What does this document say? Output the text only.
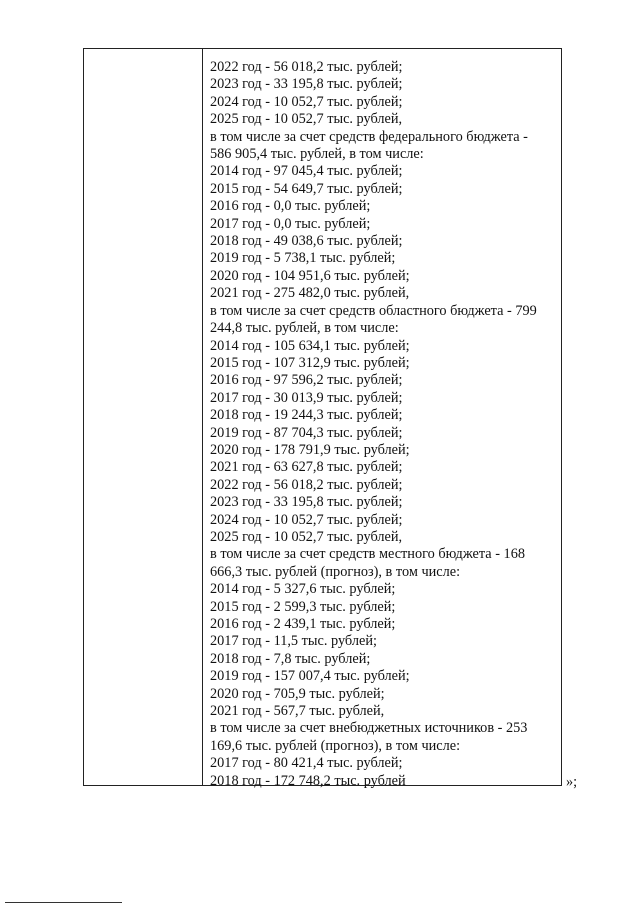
2022 год - 56 018,2 тыс. рублей;
2023 год - 33 195,8 тыс. рублей;
2024 год - 10 052,7 тыс. рублей;
2025 год - 10 052,7 тыс. рублей,
в том числе за счет средств федерального бюджета -
586 905,4 тыс. рублей, в том числе:
2014 год - 97 045,4 тыс. рублей;
2015 год - 54 649,7 тыс. рублей;
2016 год - 0,0 тыс. рублей;
2017 год - 0,0 тыс. рублей;
2018 год - 49 038,6 тыс. рублей;
2019 год - 5 738,1 тыс. рублей;
2020 год - 104 951,6 тыс. рублей;
2021 год - 275 482,0 тыс. рублей,
в том числе за счет средств областного бюджета - 799
244,8 тыс. рублей, в том числе:
2014 год - 105 634,1 тыс. рублей;
2015 год - 107 312,9 тыс. рублей;
2016 год - 97 596,2 тыс. рублей;
2017 год - 30 013,9 тыс. рублей;
2018 год - 19 244,3 тыс. рублей;
2019 год - 87 704,3 тыс. рублей;
2020 год - 178 791,9 тыс. рублей;
2021 год - 63 627,8 тыс. рублей;
2022 год - 56 018,2 тыс. рублей;
2023 год - 33 195,8 тыс. рублей;
2024 год - 10 052,7 тыс. рублей;
2025 год - 10 052,7 тыс. рублей,
в том числе за счет средств местного бюджета - 168
666,3 тыс. рублей (прогноз), в том числе:
2014 год - 5 327,6 тыс. рублей;
2015 год - 2 599,3 тыс. рублей;
2016 год - 2 439,1 тыс. рублей;
2017 год - 11,5 тыс. рублей;
2018 год - 7,8 тыс. рублей;
2019 год - 157 007,4 тыс. рублей;
2020 год - 705,9 тыс. рублей;
2021 год - 567,7 тыс. рублей,
в том числе за счет внебюджетных источников - 253
169,6 тыс. рублей (прогноз), в том числе:
2017 год - 80 421,4 тыс. рублей;
2018 год - 172 748,2 тыс. рублей	»;
